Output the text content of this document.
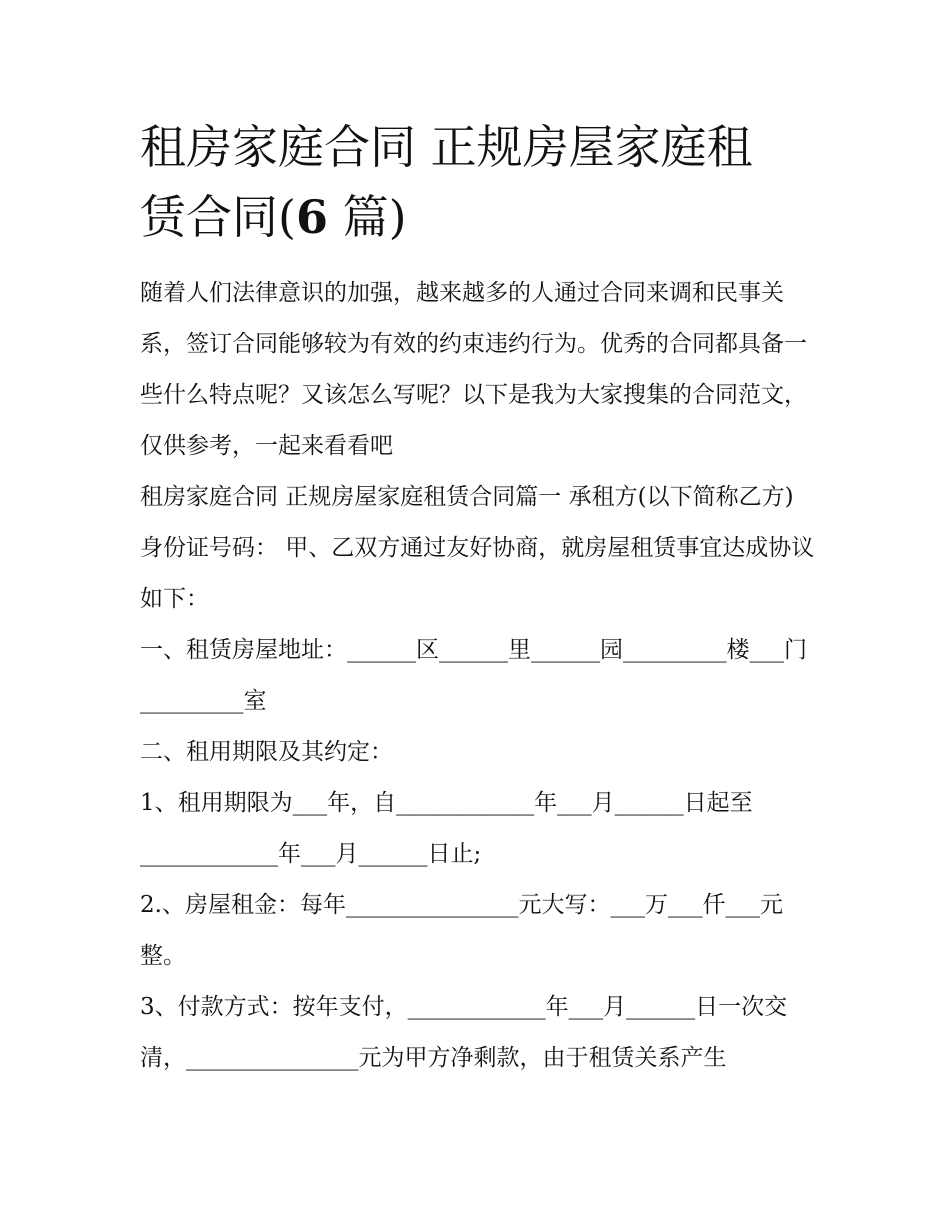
租房家庭合同 正规房屋家庭租
赁合同(6 篇)

随着人们法律意识的加强，越来越多的人通过合同来调和民事关系，签订合同能够较为有效的约束违约行为。优秀的合同都具备一些什么特点呢？又该怎么写呢？以下是我为大家搜集的合同范文，仅供参考，一起来看看吧

租房家庭合同 正规房屋家庭租赁合同篇一 承租方(以下简称乙方)身份证号码： 甲、乙双方通过友好协商，就房屋租赁事宜达成协议如下：

一、租赁房屋地址：______区______里______园_________楼___门_________室

二、租用期限及其约定：

1、租用期限为___年，自____________年___月______日起至____________年___月______日止;

2.、房屋租金：每年_______________元大写：___万___仟___元整。

3、付款方式：按年支付，____________年___月______日一次交清，_______________元为甲方净剩款，由于租赁关系产生
